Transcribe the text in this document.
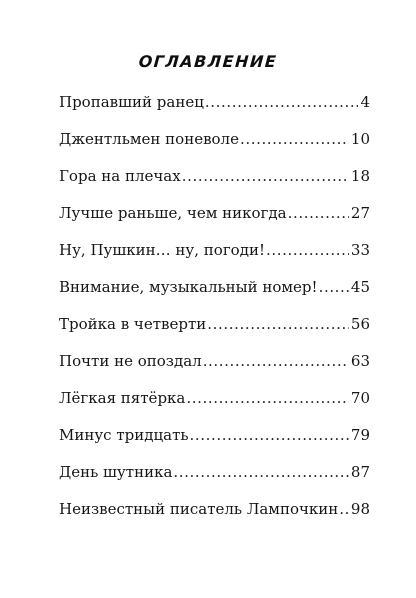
ОГЛАВЛЕНИЕ
Пропавший ранец .....	4
Джентльмен поневоле .....	10
Гора на плечах .....	18
Лучше раньше, чем никогда .....	27
Ну, Пушкин… ну, погоди! .....	33
Внимание, музыкальный номер! ..... 45
Тройка в четверти .....	56
Почти не опоздал .....	63
Лёгкая пятёрка .....	70
Минус тридцать .....	79
День шутника .....	87
Неизвестный писатель Лампочкин ..... 98
